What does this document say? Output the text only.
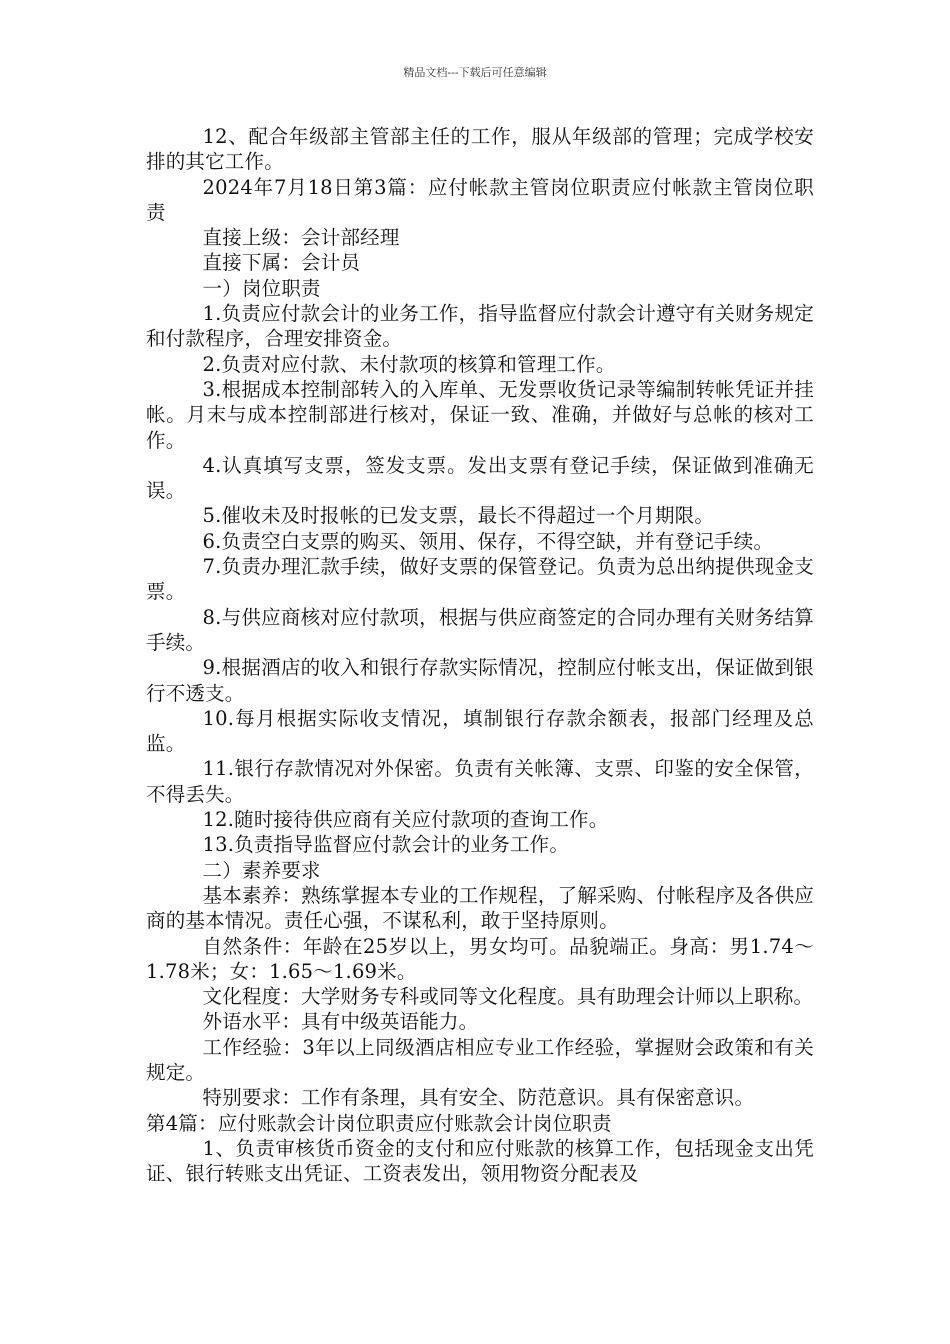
精品文档---下载后可任意编辑

12、配合年级部主管部主任的工作，服从年级部的管理；完成学校安排的其它工作。

2024年7月18日第3篇：应付帐款主管岗位职责应付帐款主管岗位职责

直接上级：会计部经理

直接下属：会计员

一）岗位职责

1.负责应付款会计的业务工作，指导监督应付款会计遵守有关财务规定和付款程序，合理安排资金。

2.负责对应付款、未付款项的核算和管理工作。

3.根据成本控制部转入的入库单、无发票收货记录等编制转帐凭证并挂帐。月末与成本控制部进行核对，保证一致、准确，并做好与总帐的核对工作。

4.认真填写支票，签发支票。发出支票有登记手续，保证做到准确无误。

5.催收未及时报帐的已发支票，最长不得超过一个月期限。

6.负责空白支票的购买、领用、保存，不得空缺，并有登记手续。

7.负责办理汇款手续，做好支票的保管登记。负责为总出纳提供现金支票。

8.与供应商核对应付款项，根据与供应商签定的合同办理有关财务结算手续。

9.根据酒店的收入和银行存款实际情况，控制应付帐支出，保证做到银行不透支。

10.每月根据实际收支情况，填制银行存款余额表，报部门经理及总监。

11.银行存款情况对外保密。负责有关帐簿、支票、印鉴的安全保管，不得丢失。

12.随时接待供应商有关应付款项的查询工作。

13.负责指导监督应付款会计的业务工作。

二）素养要求

基本素养：熟练掌握本专业的工作规程，了解采购、付帐程序及各供应商的基本情况。责任心强，不谋私利，敢于坚持原则。

自然条件：年龄在25岁以上，男女均可。品貌端正。身高：男1.74～1.78米；女：1.65～1.69米。

文化程度：大学财务专科或同等文化程度。具有助理会计师以上职称。

外语水平：具有中级英语能力。

工作经验：3年以上同级酒店相应专业工作经验，掌握财会政策和有关规定。

特别要求：工作有条理，具有安全、防范意识。具有保密意识。

第4篇：应付账款会计岗位职责应付账款会计岗位职责

1、负责审核货币资金的支付和应付账款的核算工作，包括现金支出凭证、银行转账支出凭证、工资表发出，领用物资分配表及
